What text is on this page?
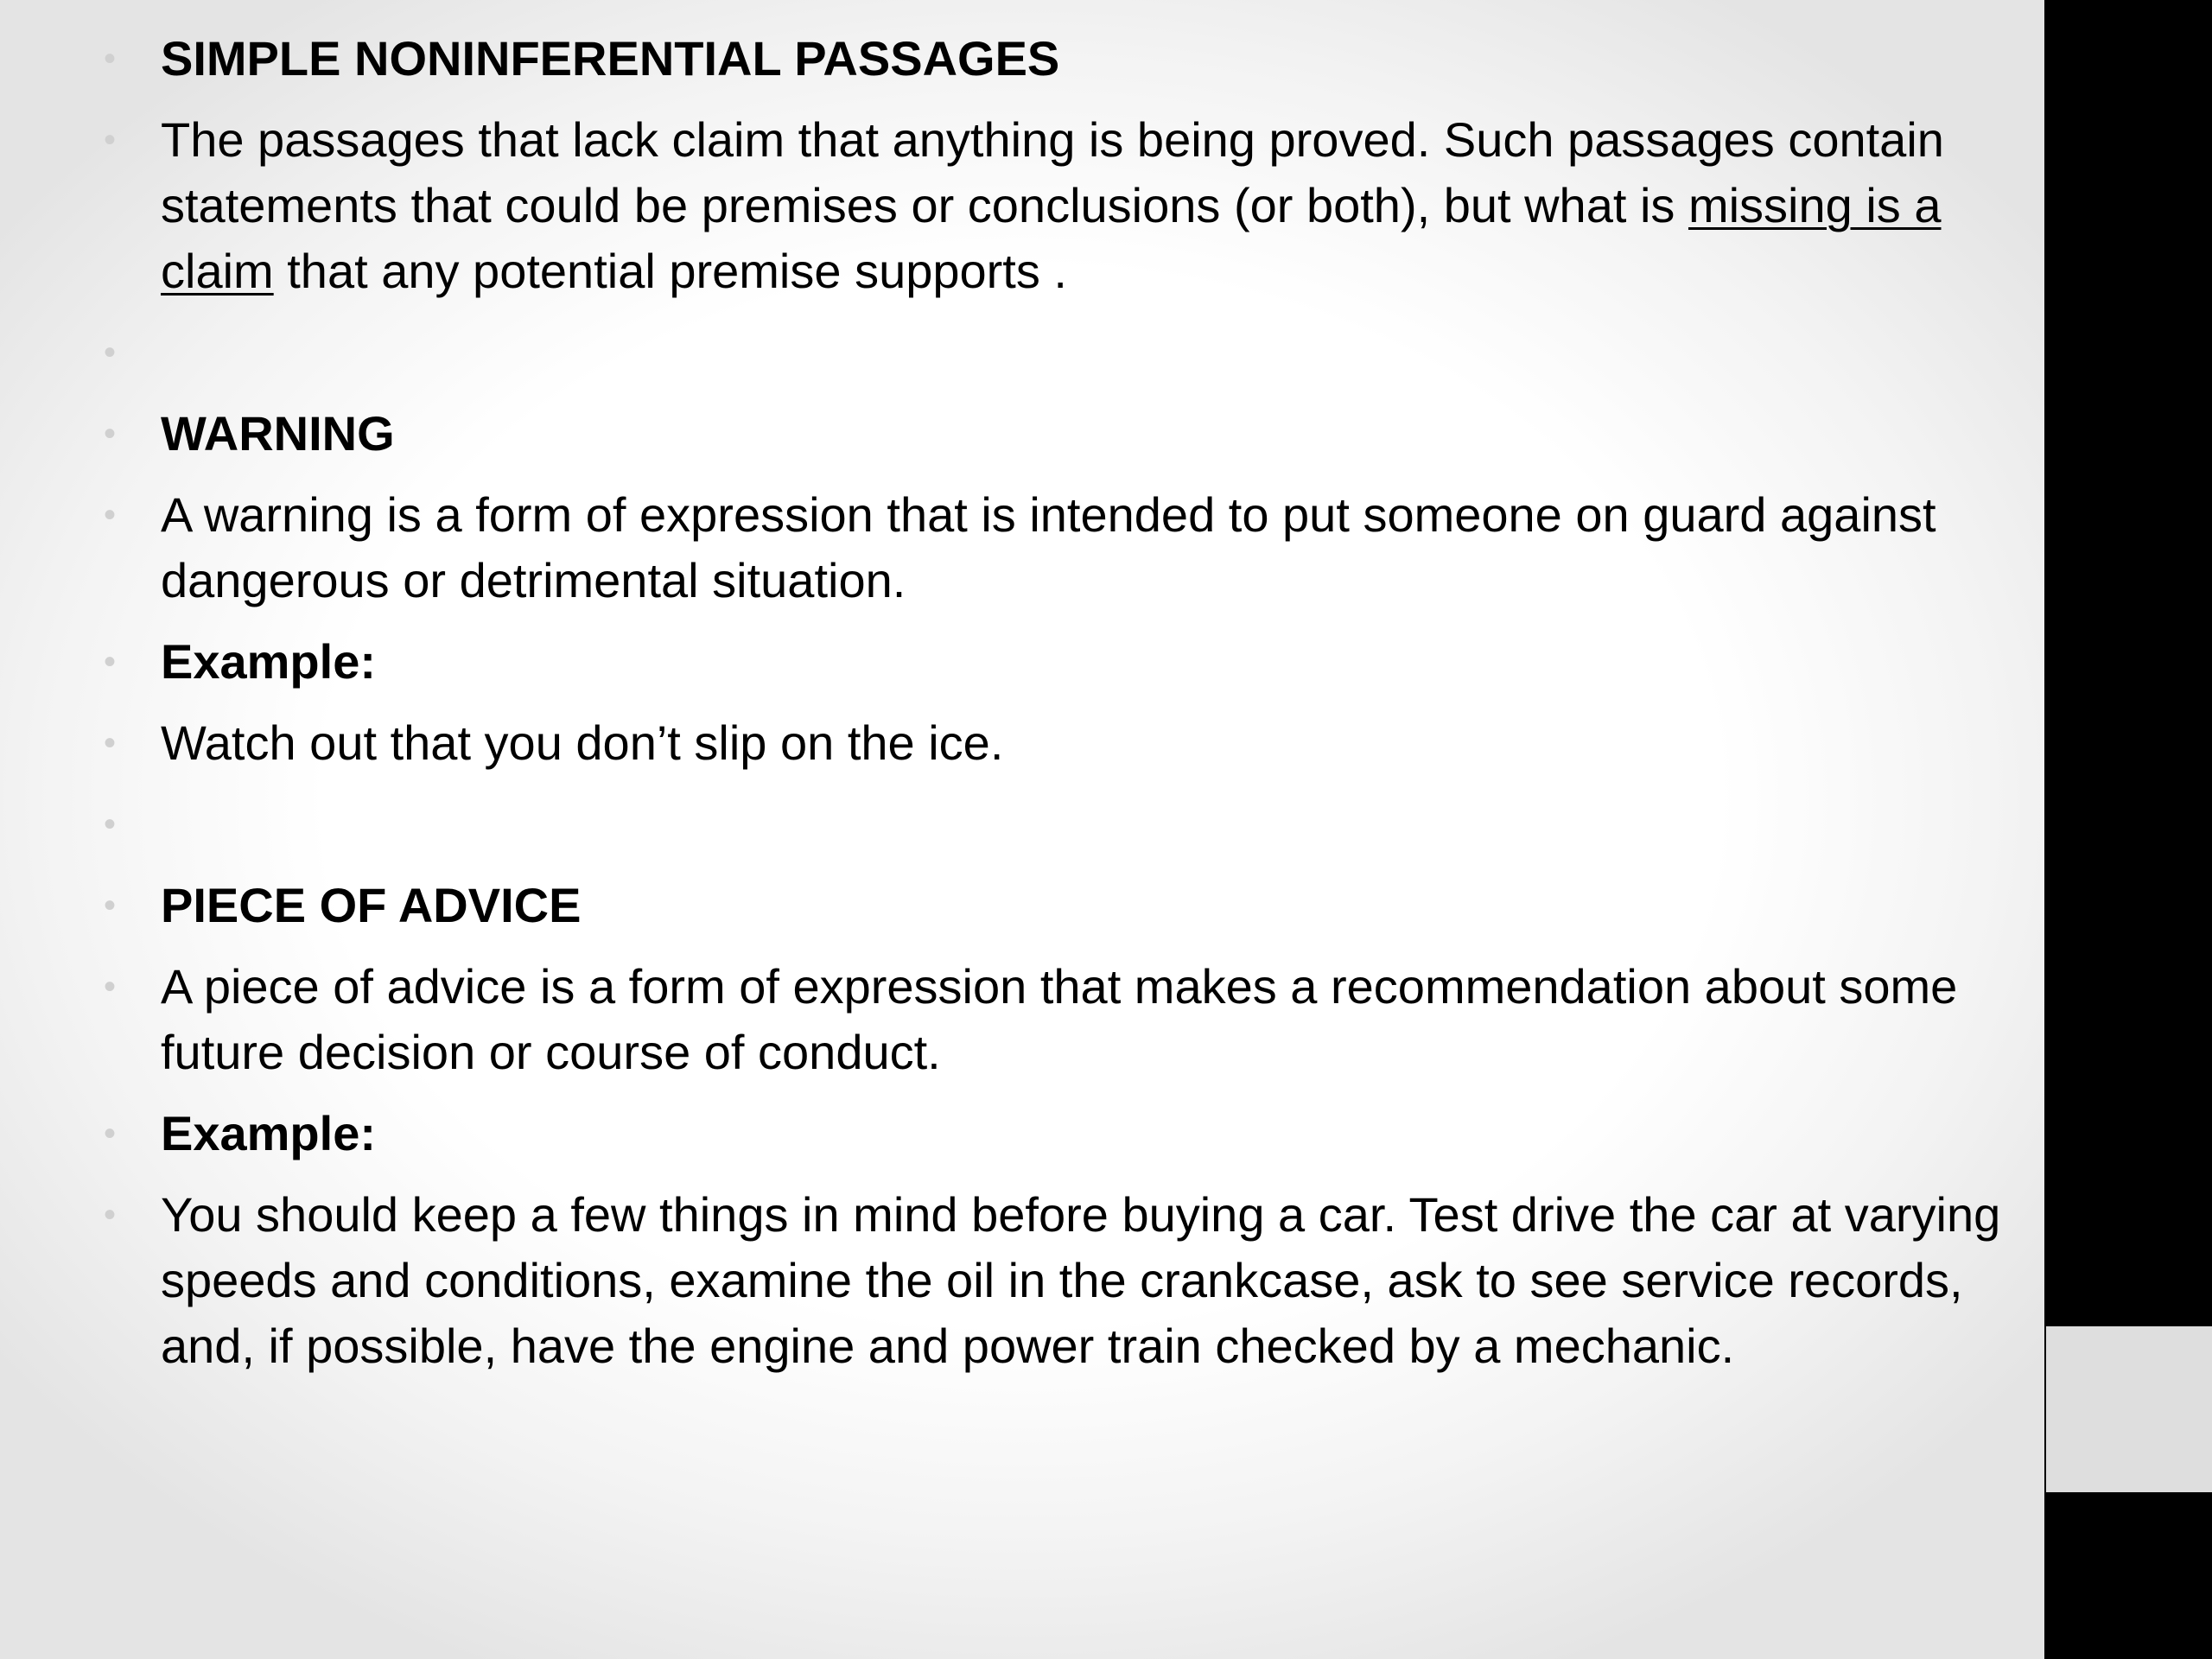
• SIMPLE NONINFERENTIAL PASSAGES
• The passages that lack claim that anything is being proved. Such passages contain statements that could be premises or conclusions (or both), but what is missing is a claim that any potential premise supports .
•
• WARNING
• A warning is a form of expression that is intended to put someone on guard against dangerous or detrimental situation.
• Example:
• Watch out that you don’t slip on the ice.
•
• PIECE OF ADVICE
• A piece of advice is a form of expression that makes a recommendation about some future decision or course of conduct.
• Example:
• You should keep a few things in mind before buying a car. Test drive the car at varying speeds and conditions, examine the oil in the crankcase, ask to see service records, and, if possible, have the engine and power train checked by a mechanic.
